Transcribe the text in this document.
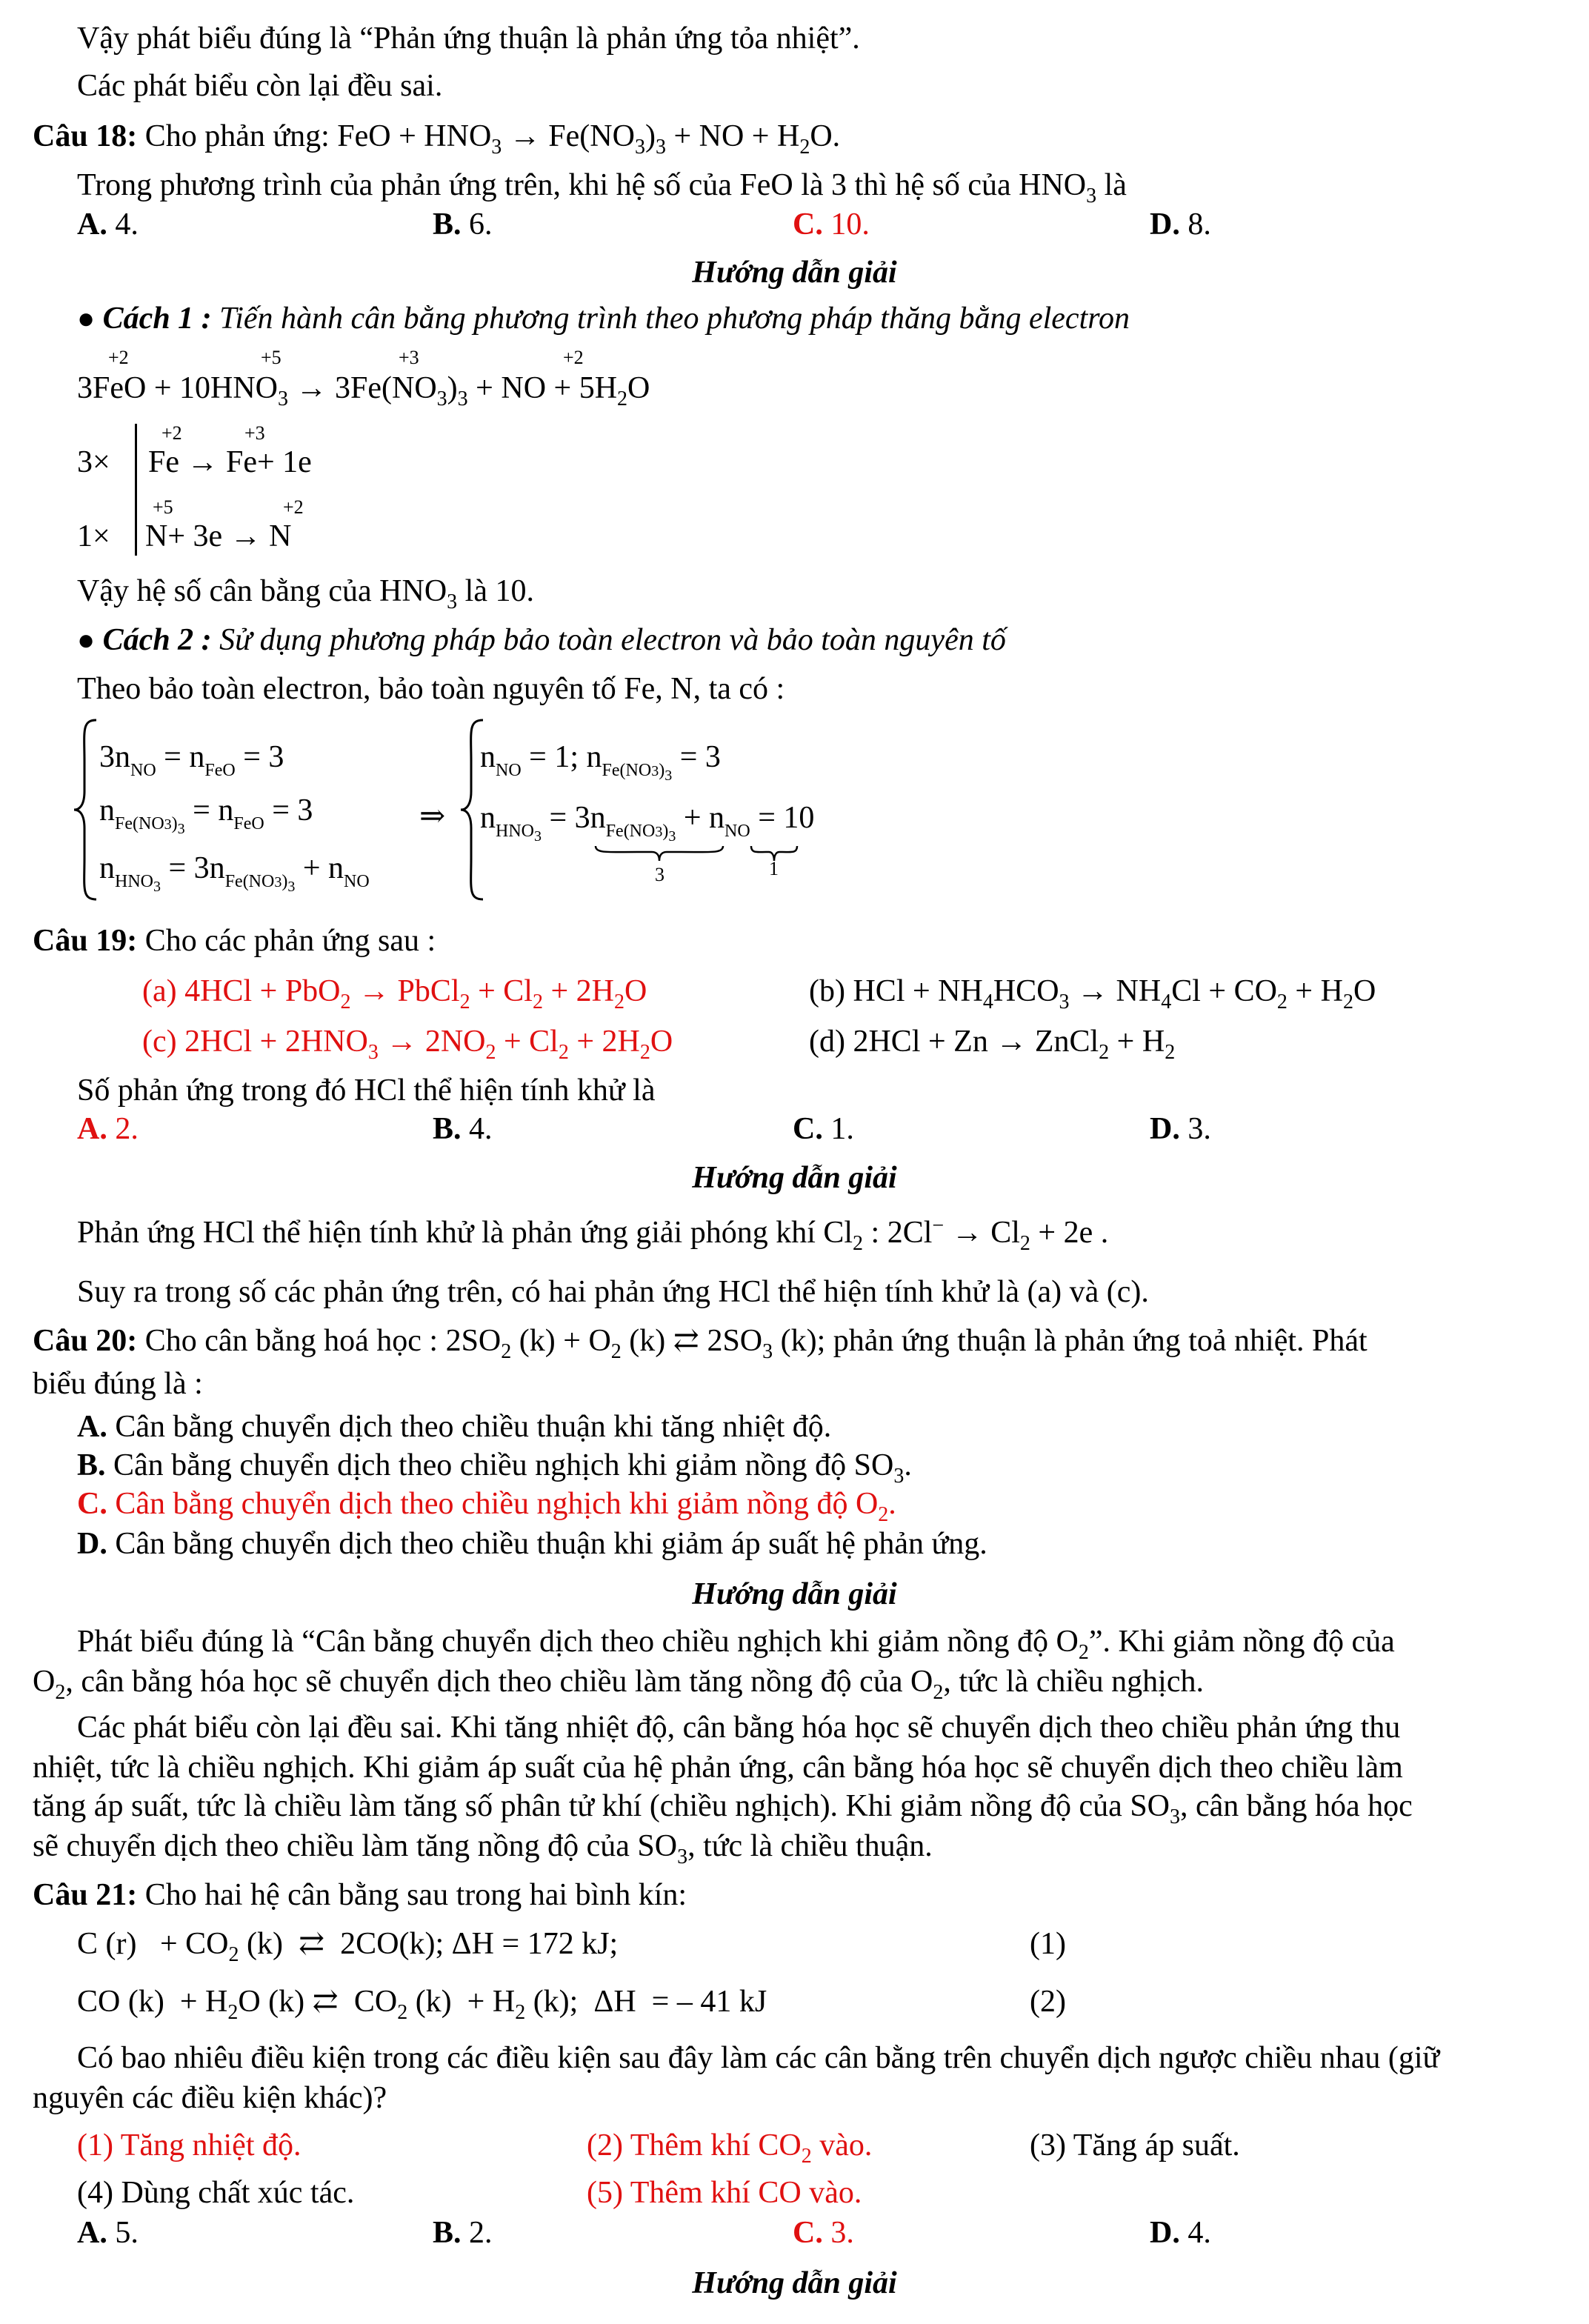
Vậy phát biểu đúng là “Phản ứng thuận là phản ứng tỏa nhiệt”.
Các phát biểu còn lại đều sai.
Câu 18: Cho phản ứng: FeO + $HNO_3 \to Fe(NO_3)_3$ + NO + $H_2O$.
Trong phương trình của phản ứng trên, khi hệ số của FeO là 3 thì hệ số của $HNO_3$ là
A. 4.	B. 6.	C. 10.	D. 8.
Hướng dẫn giải
● Cách 1 : Tiến hành cân bằng phương trình theo phương pháp thăng bằng electron
+2	+5	+3	+2
$3FeO + 10HNO_3 \to 3Fe(NO_3)_3$ + NO + $5H_2O$
+2	+3
3× Fe → Fe+ 1e
+5	+2
1× N+ 3e → N
Vậy hệ số cân bằng của $HNO_3$ là 10.
● Cách 2 : Sử dụng phương pháp bảo toàn electron và bảo toàn nguyên tố
Theo bảo toàn electron, bảo toàn nguyên tố Fe, N, ta có :
$3n_{NO} = n_{FeO} = 3$
$n_{Fe(NO3)3} = n_{FeO} = 3$
$n_{HNO3} = 3n_{Fe(NO3)3} + n_{NO}$
⇒
$n_{NO} = 1$; $n_{Fe(NO3)3} = 3$
$n_{HNO3} = 3n_{Fe(NO3)3} + n_{NO} = 10$
3	1
Câu 19: Cho các phản ứng sau :
(a) 4HCl + PbO$_2$ → PbCl$_2$ + $Cl_2 + 2H_2O$	(b) HCl + $NH_4HCO_3 \to NH_4Cl + CO_2 + H_2O$
(c) $2HCl + 2HNO_3 \to 2NO_2 + Cl_2 + 2H_2O$	(d) 2HCl + Zn → ZnCl$_2$ + $H_2$
Số phản ứng trong đó HCl thể hiện tính khử là
A. 2.	B. 4.	C. 1.	D. 3.
Hướng dẫn giải
Phản ứng HCl thể hiện tính khử là phản ứng giải phóng khí $Cl_2$ : $2Cl^- \to Cl_2 + 2e$ .
Suy ra trong số các phản ứng trên, có hai phản ứng HCl thể hiện tính khử là (a) và (c).
Câu 20: Cho cân bằng hoá học : $2SO_2$ $(k) + O_2$ (k) ⇄ $2SO_3$ (k); phản ứng thuận là phản ứng toả nhiệt. Phát
biểu đúng là :
A. Cân bằng chuyển dịch theo chiều thuận khi tăng nhiệt độ.
B. Cân bằng chuyển dịch theo chiều nghịch khi giảm nồng độ $SO_3$.
C. Cân bằng chuyển dịch theo chiều nghịch khi giảm nồng độ $O_2$.
D. Cân bằng chuyển dịch theo chiều thuận khi giảm áp suất hệ phản ứng.
Hướng dẫn giải
Phát biểu đúng là “Cân bằng chuyển dịch theo chiều nghịch khi giảm nồng độ $O_2$”. Khi giảm nồng độ của
$O_2$, cân bằng hóa học sẽ chuyển dịch theo chiều làm tăng nồng độ của $O_2$, tức là chiều nghịch.
Các phát biểu còn lại đều sai. Khi tăng nhiệt độ, cân bằng hóa học sẽ chuyển dịch theo chiều phản ứng thu
nhiệt, tức là chiều nghịch. Khi giảm áp suất của hệ phản ứng, cân bằng hóa học sẽ chuyển dịch theo chiều làm
tăng áp suất, tức là chiều làm tăng số phân tử khí (chiều nghịch). Khi giảm nồng độ của $SO_3$, cân bằng hóa học
sẽ chuyển dịch theo chiều làm tăng nồng độ của $SO_3$, tức là chiều thuận.
Câu 21: Cho hai hệ cân bằng sau trong hai bình kín:
C $(r) + CO_2$ (k)  ⇄  2CO(k); ΔH = 172 kJ;	(1)
CO $(k) + H_2O$ (k) ⇄  $CO_2$ $(k) + H_2$ (k);  ΔH  = – 41 kJ	(2)
Có bao nhiêu điều kiện trong các điều kiện sau đây làm các cân bằng trên chuyển dịch ngược chiều nhau (giữ
nguyên các điều kiện khác)?
(1) Tăng nhiệt độ.	(2) Thêm khí $CO_2$ vào.	(3) Tăng áp suất.
(4) Dùng chất xúc tác.	(5) Thêm khí CO vào.
A. 5.	B. 2.	C. 3.	D. 4.
Hướng dẫn giải
